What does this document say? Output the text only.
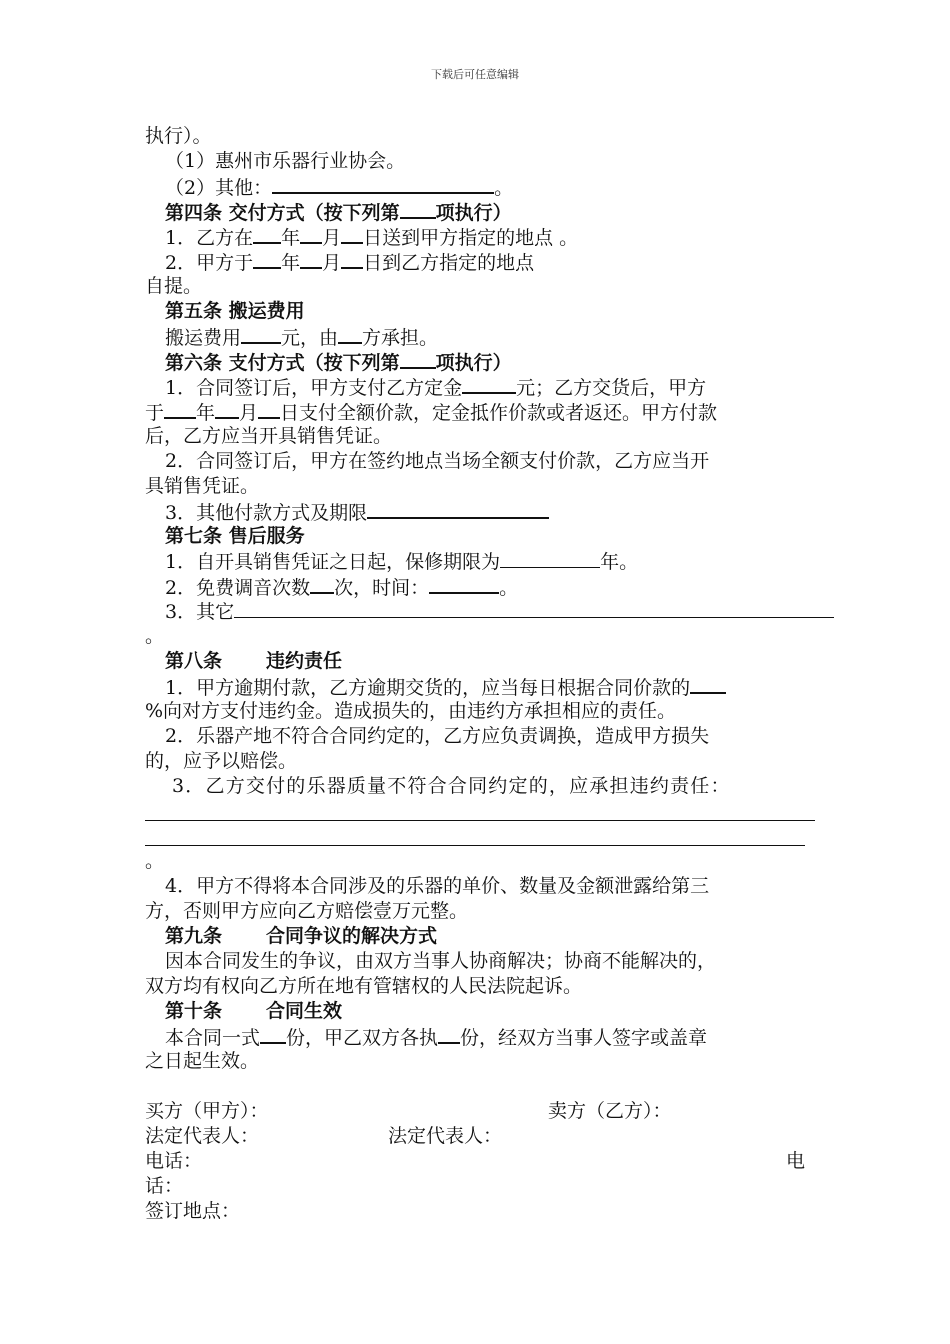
下载后可任意编辑
执行）。
（1）惠州市乐器行业协会。
（2）其他：	。
第四条 交付方式（按下列第 项执行）
1．乙方在 年 月 日送到甲方指定的地点 。
2．甲方于 年 月 日到乙方指定的地点
自提。
第五条 搬运费用
搬运费用 元，由 方承担。
第六条 支付方式（按下列第 项执行）
1．合同签订后，甲方支付乙方定金	元；乙方交货后，甲方
于 年 月 日支付全额价款，定金抵作价款或者返还。甲方付款
后，乙方应当开具销售凭证。
2．合同签订后，甲方在签约地点当场全额支付价款，乙方应当开
具销售凭证。
3．其他付款方式及期限
第七条 售后服务
1．自开具销售凭证之日起，保修期限为	年。
2．免费调音次数 次，时间：	。
3．其它
。
第八条 违约责任
1．甲方逾期付款，乙方逾期交货的，应当每日根据合同价款的
%向对方支付违约金。造成损失的，由违约方承担相应的责任。
2．乐器产地不符合合同约定的，乙方应负责调换，造成甲方损失
的，应予以赔偿。
3．乙方交付的乐器质量不符合合同约定的，应承担违约责任：
。
4．甲方不得将本合同涉及的乐器的单价、数量及金额泄露给第三
方，否则甲方应向乙方赔偿壹万元整。
第九条 合同争议的解决方式
因本合同发生的争议，由双方当事人协商解决；协商不能解决的，
双方均有权向乙方所在地有管辖权的人民法院起诉。
第十条 合同生效
本合同一式 份，甲乙双方各执 份，经双方当事人签字或盖章
之日起生效。
买方（甲方）：	卖方（乙方）：
法定代表人：	法定代表人：
电话：	电
话：
签订地点：
